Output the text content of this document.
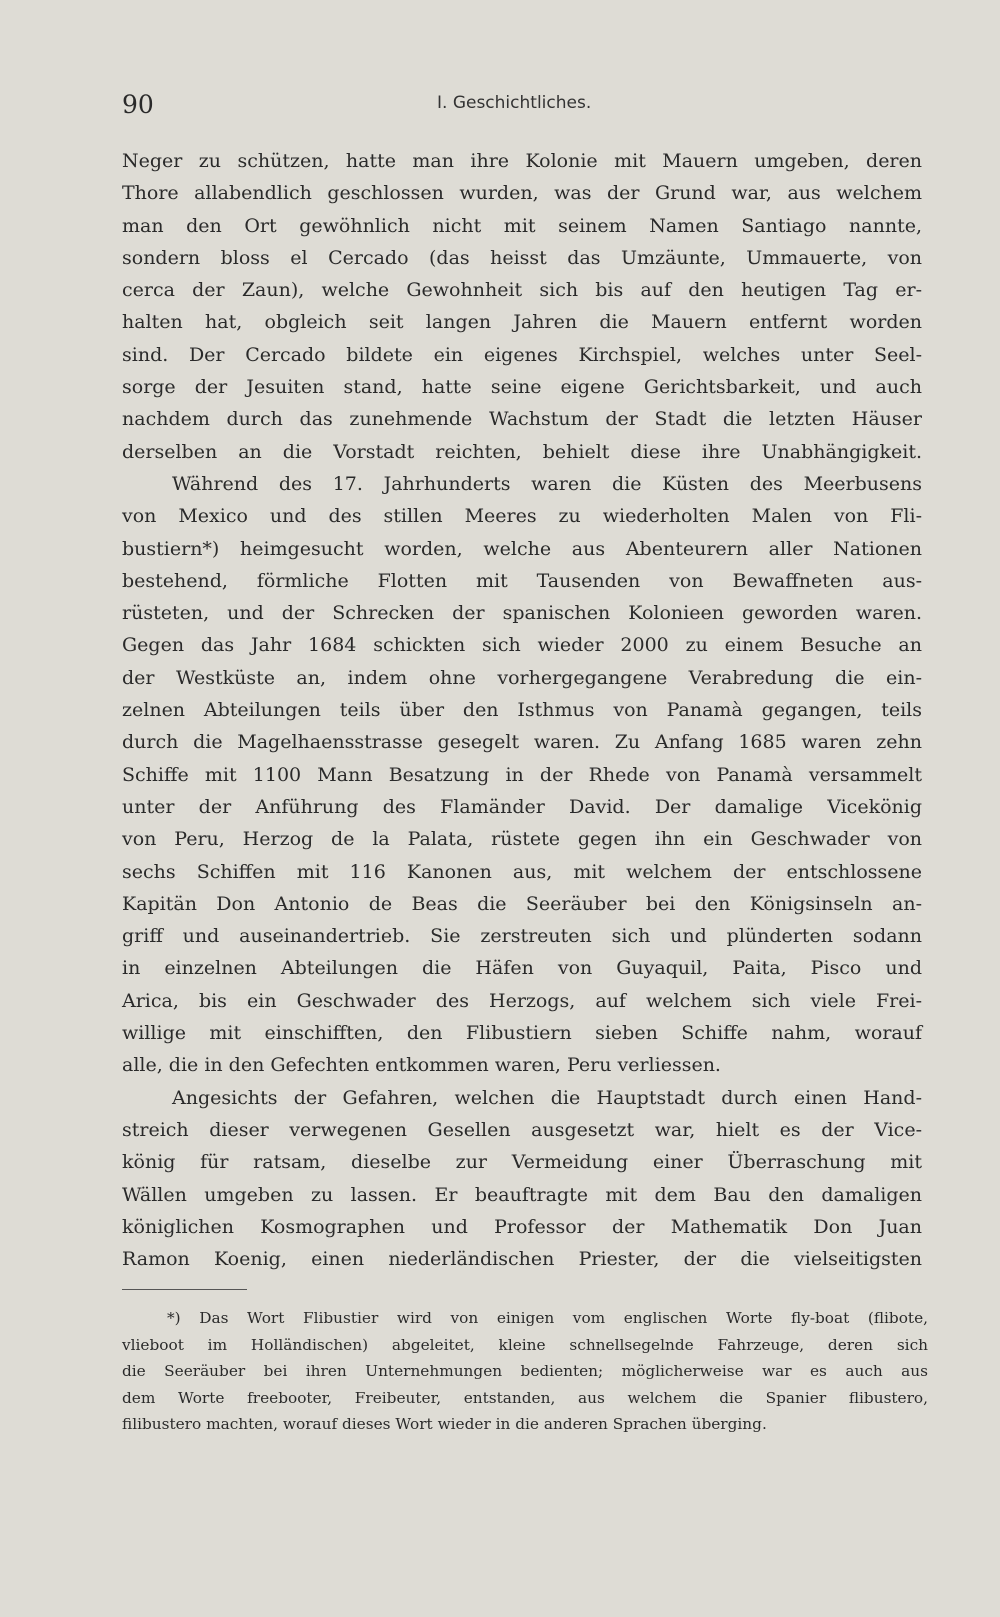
90	I. Geschichtliches.
Neger zu schützen, hatte man ihre Kolonie mit Mauern umgeben, deren
Thore allabendlich geschlossen wurden, was der Grund war, aus welchem
man den Ort gewöhnlich nicht mit seinem Namen Santiago nannte,
sondern bloss el Cercado (das heisst das Umzäunte, Ummauerte, von
cerca der Zaun), welche Gewohnheit sich bis auf den heutigen Tag er-
halten hat, obgleich seit langen Jahren die Mauern entfernt worden
sind. Der Cercado bildete ein eigenes Kirchspiel, welches unter Seel-
sorge der Jesuiten stand, hatte seine eigene Gerichtsbarkeit, und auch
nachdem durch das zunehmende Wachstum der Stadt die letzten Häuser
derselben an die Vorstadt reichten, behielt diese ihre Unabhängigkeit.
Während des 17. Jahrhunderts waren die Küsten des Meerbusens
von Mexico und des stillen Meeres zu wiederholten Malen von Fli-
bustiern*) heimgesucht worden, welche aus Abenteurern aller Nationen
bestehend, förmliche Flotten mit Tausenden von Bewaffneten aus-
rüsteten, und der Schrecken der spanischen Kolonieen geworden waren.
Gegen das Jahr 1684 schickten sich wieder 2000 zu einem Besuche an
der Westküste an, indem ohne vorhergegangene Verabredung die ein-
zelnen Abteilungen teils über den Isthmus von Panamà gegangen, teils
durch die Magelhaensstrasse gesegelt waren. Zu Anfang 1685 waren zehn
Schiffe mit 1100 Mann Besatzung in der Rhede von Panamà versammelt
unter der Anführung des Flamänder David. Der damalige Vicekönig
von Peru, Herzog de la Palata, rüstete gegen ihn ein Geschwader von
sechs Schiffen mit 116 Kanonen aus, mit welchem der entschlossene
Kapitän Don Antonio de Beas die Seeräuber bei den Königsinseln an-
griff und auseinandertrieb. Sie zerstreuten sich und plünderten sodann
in einzelnen Abteilungen die Häfen von Guyaquil, Paita, Pisco und
Arica, bis ein Geschwader des Herzogs, auf welchem sich viele Frei-
willige mit einschifften, den Flibustiern sieben Schiffe nahm, worauf
alle, die in den Gefechten entkommen waren, Peru verliessen.
Angesichts der Gefahren, welchen die Hauptstadt durch einen Hand-
streich dieser verwegenen Gesellen ausgesetzt war, hielt es der Vice-
könig für ratsam, dieselbe zur Vermeidung einer Überraschung mit
Wällen umgeben zu lassen. Er beauftragte mit dem Bau den damaligen
königlichen Kosmographen und Professor der Mathematik Don Juan
Ramon Koenig, einen niederländischen Priester, der die vielseitigsten
*) Das Wort Flibustier wird von einigen vom englischen Worte fly-boat (flibote,
vlieboot im Holländischen) abgeleitet, kleine schnellsegelnde Fahrzeuge, deren sich
die Seeräuber bei ihren Unternehmungen bedienten; möglicherweise war es auch aus
dem Worte freebooter, Freibeuter, entstanden, aus welchem die Spanier flibustero,
filibustero machten, worauf dieses Wort wieder in die anderen Sprachen überging.
